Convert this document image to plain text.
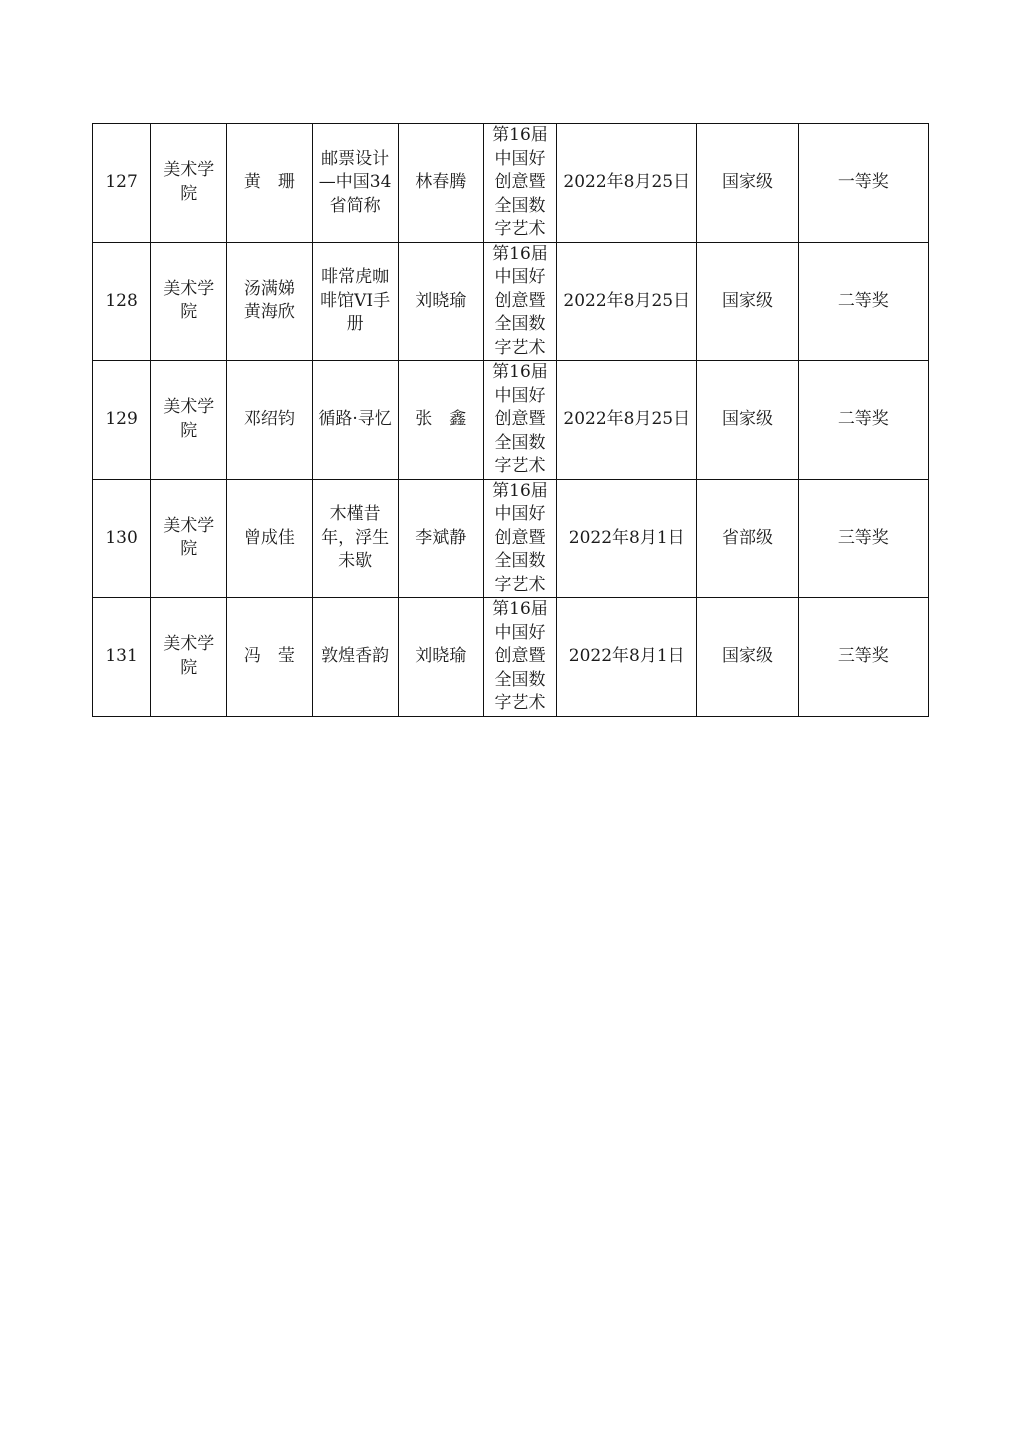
127	美术学院	黄　珊	邮票设计—中国34省简称	林春腾	第16届中国好创意暨全国数字艺术	2022年8月25日	国家级	一等奖
128	美术学院	汤满娣黄海欣	啡常虎咖啡馆VI手册	刘晓瑜	第16届中国好创意暨全国数字艺术	2022年8月25日	国家级	二等奖
129	美术学院	邓绍钧	循路·寻忆	张　鑫	第16届中国好创意暨全国数字艺术	2022年8月25日	国家级	二等奖
130	美术学院	曾成佳	木槿昔年，浮生未歇	李斌静	第16届中国好创意暨全国数字艺术	2022年8月1日	省部级	三等奖
131	美术学院	冯　莹	敦煌香韵	刘晓瑜	第16届中国好创意暨全国数字艺术	2022年8月1日	国家级	三等奖
